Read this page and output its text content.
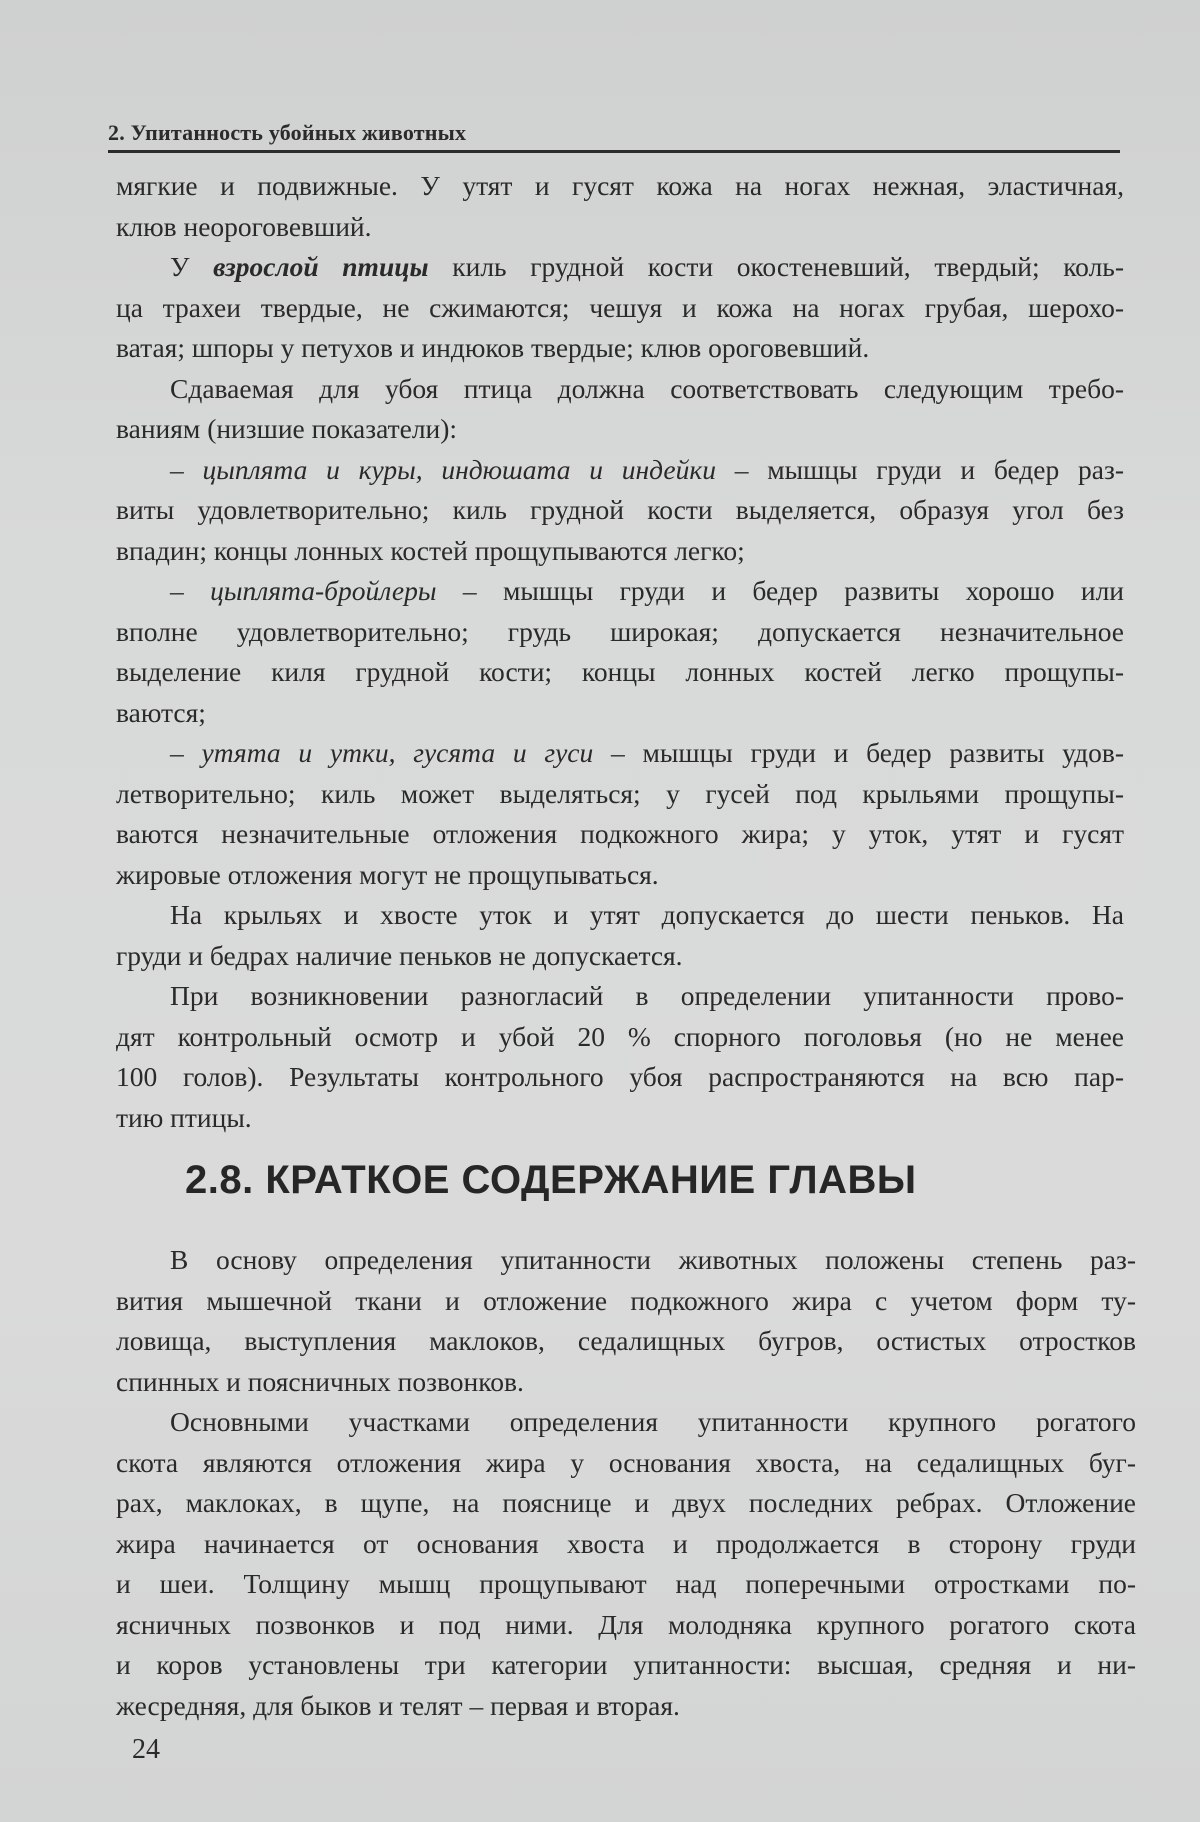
2. Упитанность убойных животных
мягкие и подвижные. У утят и гусят кожа на ногах нежная, эластичная,
клюв неороговевший.
У взрослой птицы киль грудной кости окостеневший, твердый; коль-
ца трахеи твердые, не сжимаются; чешуя и кожа на ногах грубая, шерохо-
ватая; шпоры у петухов и индюков твердые; клюв ороговевший.
Сдаваемая для убоя птица должна соответствовать следующим требо-
ваниям (низшие показатели):
– цыплята и куры, индюшата и индейки – мышцы груди и бедер раз-
виты удовлетворительно; киль грудной кости выделяется, образуя угол без
впадин; концы лонных костей прощупываются легко;
– цыплята-бройлеры – мышцы груди и бедер развиты хорошо или
вполне удовлетворительно; грудь широкая; допускается незначительное
выделение киля грудной кости; концы лонных костей легко прощупы-
ваются;
– утята и утки, гусята и гуси – мышцы груди и бедер развиты удов-
летворительно; киль может выделяться; у гусей под крыльями прощупы-
ваются незначительные отложения подкожного жира; у уток, утят и гусят
жировые отложения могут не прощупываться.
На крыльях и хвосте уток и утят допускается до шести пеньков. На
груди и бедрах наличие пеньков не допускается.
При возникновении разногласий в определении упитанности прово-
дят контрольный осмотр и убой 20 % спорного поголовья (но не менее
100 голов). Результаты контрольного убоя распространяются на всю пар-
тию птицы.
2.8. КРАТКОЕ СОДЕРЖАНИЕ ГЛАВЫ
В основу определения упитанности животных положены степень раз-
вития мышечной ткани и отложение подкожного жира с учетом форм ту-
ловища, выступления маклоков, седалищных бугров, остистых отростков
спинных и поясничных позвонков.
Основными участками определения упитанности крупного рогатого
скота являются отложения жира у основания хвоста, на седалищных буг-
рах, маклоках, в щупе, на пояснице и двух последних ребрах. Отложение
жира начинается от основания хвоста и продолжается в сторону груди
и шеи. Толщину мышц прощупывают над поперечными отростками по-
ясничных позвонков и под ними. Для молодняка крупного рогатого скота
и коров установлены три категории упитанности: высшая, средняя и ни-
жесредняя, для быков и телят – первая и вторая.
24
